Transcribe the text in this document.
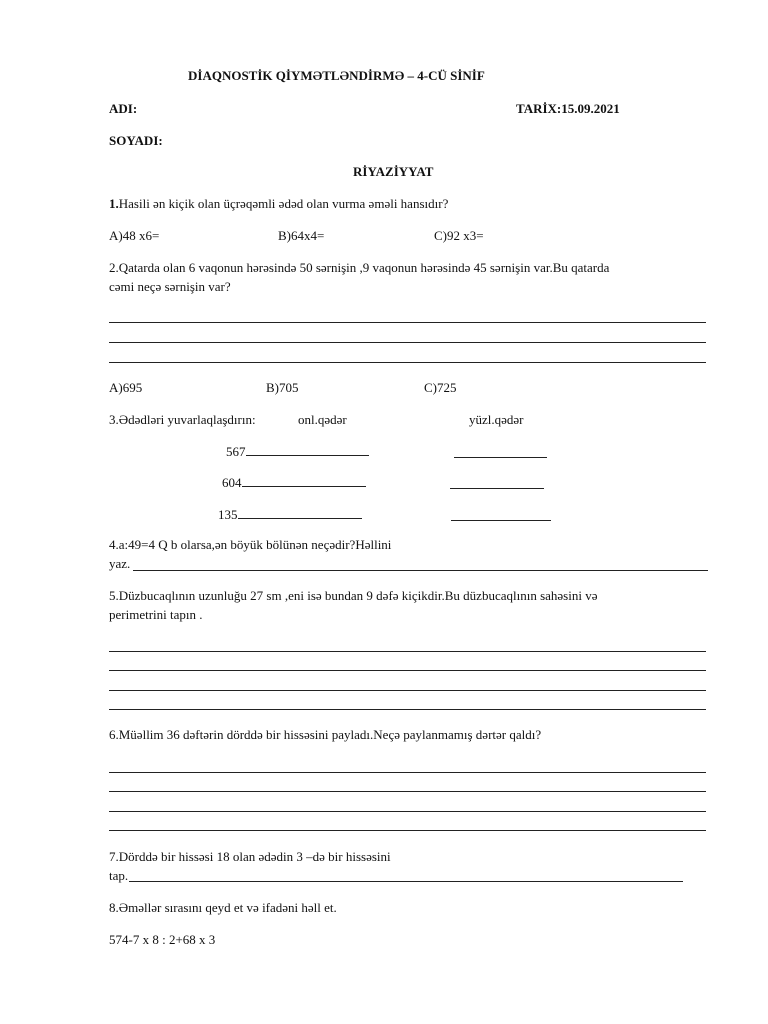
DİAQNOSTİK QİYMƏTLƏNDİRMƏ – 4-CÜ SİNİF
ADI:	TARİX:15.09.2021
SOYADI:
RİYAZİYYAT
1.Hasili ən kiçik olan üçrəqəmli ədəd olan vurma əməli hansıdır?
A)48 x6=	B)64x4=	C)92 x3=
2.Qatarda olan 6 vaqonun hərəsində 50 sərnişin ,9 vaqonun hərəsində 45 sərnişin var.Bu qatarda
cəmi neçə sərnişin var?
A)695	B)705	C)725
3.Ədədləri yuvarlaqlaşdırın:	onl.qədər	yüzl.qədər
567
604
135
4.a:49=4 Q b olarsa,ən böyük bölünən neçədir?Həllini
yaz.
5.Düzbucaqlının uzunluğu 27 sm ,eni isə bundan 9 dəfə kiçikdir.Bu düzbucaqlının sahəsini və
perimetrini tapın .
6.Müəllim 36 dəftərin dörddə bir hissəsini payladı.Neçə paylanmamış dərtər qaldı?
7.Dörddə bir hissəsi 18 olan ədədin 3 –də bir hissəsini
tap.
8.Əməllər sırasını qeyd et və ifadəni həll et.
574-7 x 8 : 2+68 x 3
